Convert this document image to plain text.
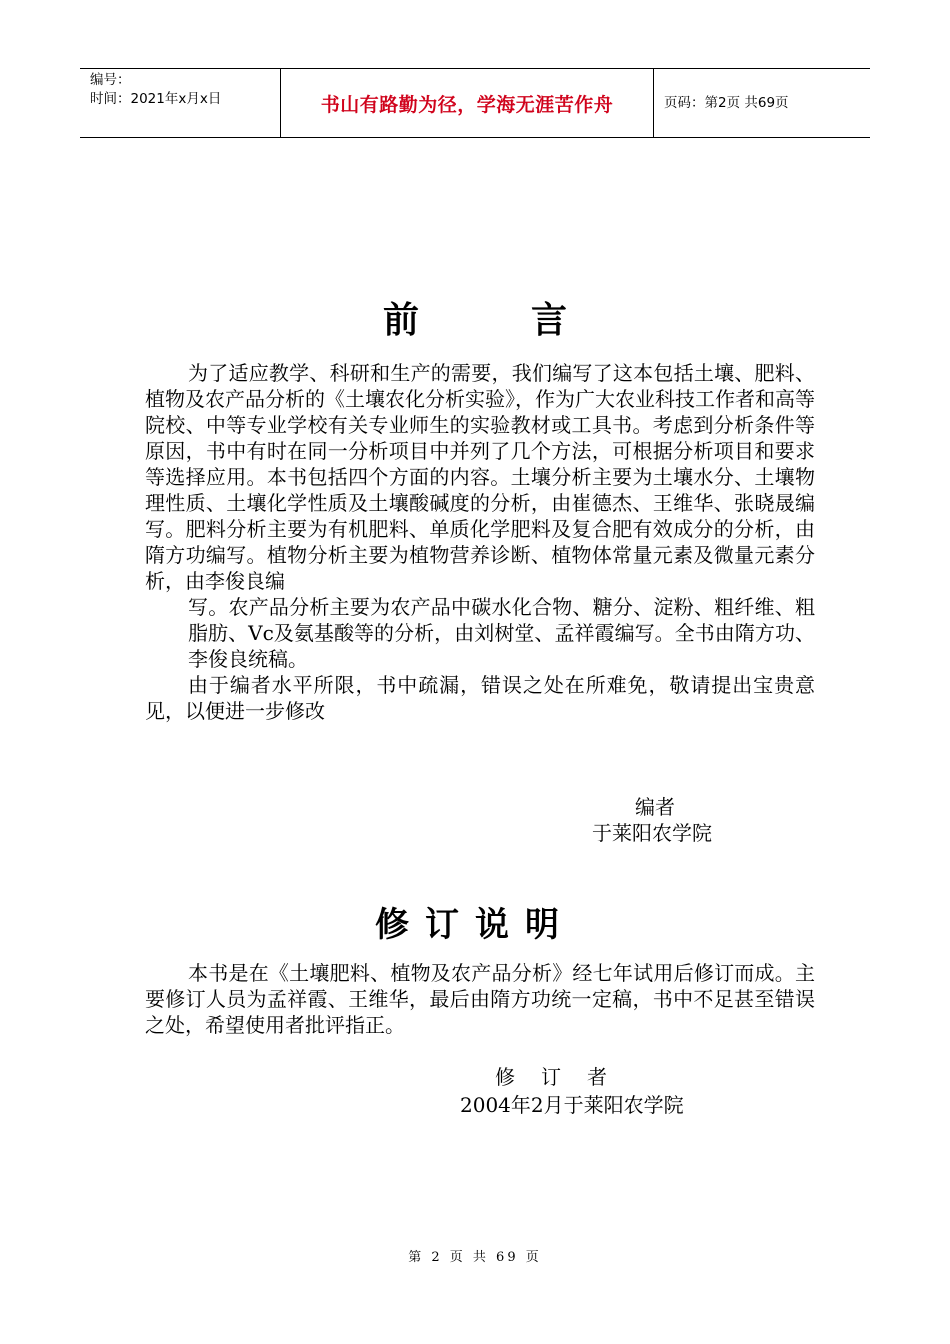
编号：
时间：2021年x月x日	书山有路勤为径，学海无涯苦作舟	页码：第2页 共69页
前	言

为了适应教学、科研和生产的需要，我们编写了这本包括土壤、肥料、植物及农产品分析的《土壤农化分析实验》，作为广大农业科技工作者和高等院校、中等专业学校有关专业师生的实验教材或工具书。考虑到分析条件等原因，书中有时在同一分析项目中并列了几个方法，可根据分析项目和要求等选择应用。本书包括四个方面的内容。土壤分析主要为土壤水分、土壤物理性质、土壤化学性质及土壤酸碱度的分析，由崔德杰、王维华、张晓晟编写。肥料分析主要为有机肥料、单质化学肥料及复合肥有效成分的分析，由隋方功编写。植物分析主要为植物营养诊断、植物体常量元素及微量元素分析，由李俊良编

写。农产品分析主要为农产品中碳水化合物、糖分、淀粉、粗纤维、粗脂肪、Vc及氨基酸等的分析，由刘树堂、孟祥霞编写。全书由隋方功、李俊良统稿。

由于编者水平所限，书中疏漏，错误之处在所难免，敬请提出宝贵意见，以便进一步修改

编者
于莱阳农学院
修订说明

本书是在《土壤肥料、植物及农产品分析》经七年试用后修订而成。主要修订人员为孟祥霞、王维华，最后由隋方功统一定稿，书中不足甚至错误之处，希望使用者批评指正。

修订者
2004年2月于莱阳农学院
第 2 页 共 69 页
